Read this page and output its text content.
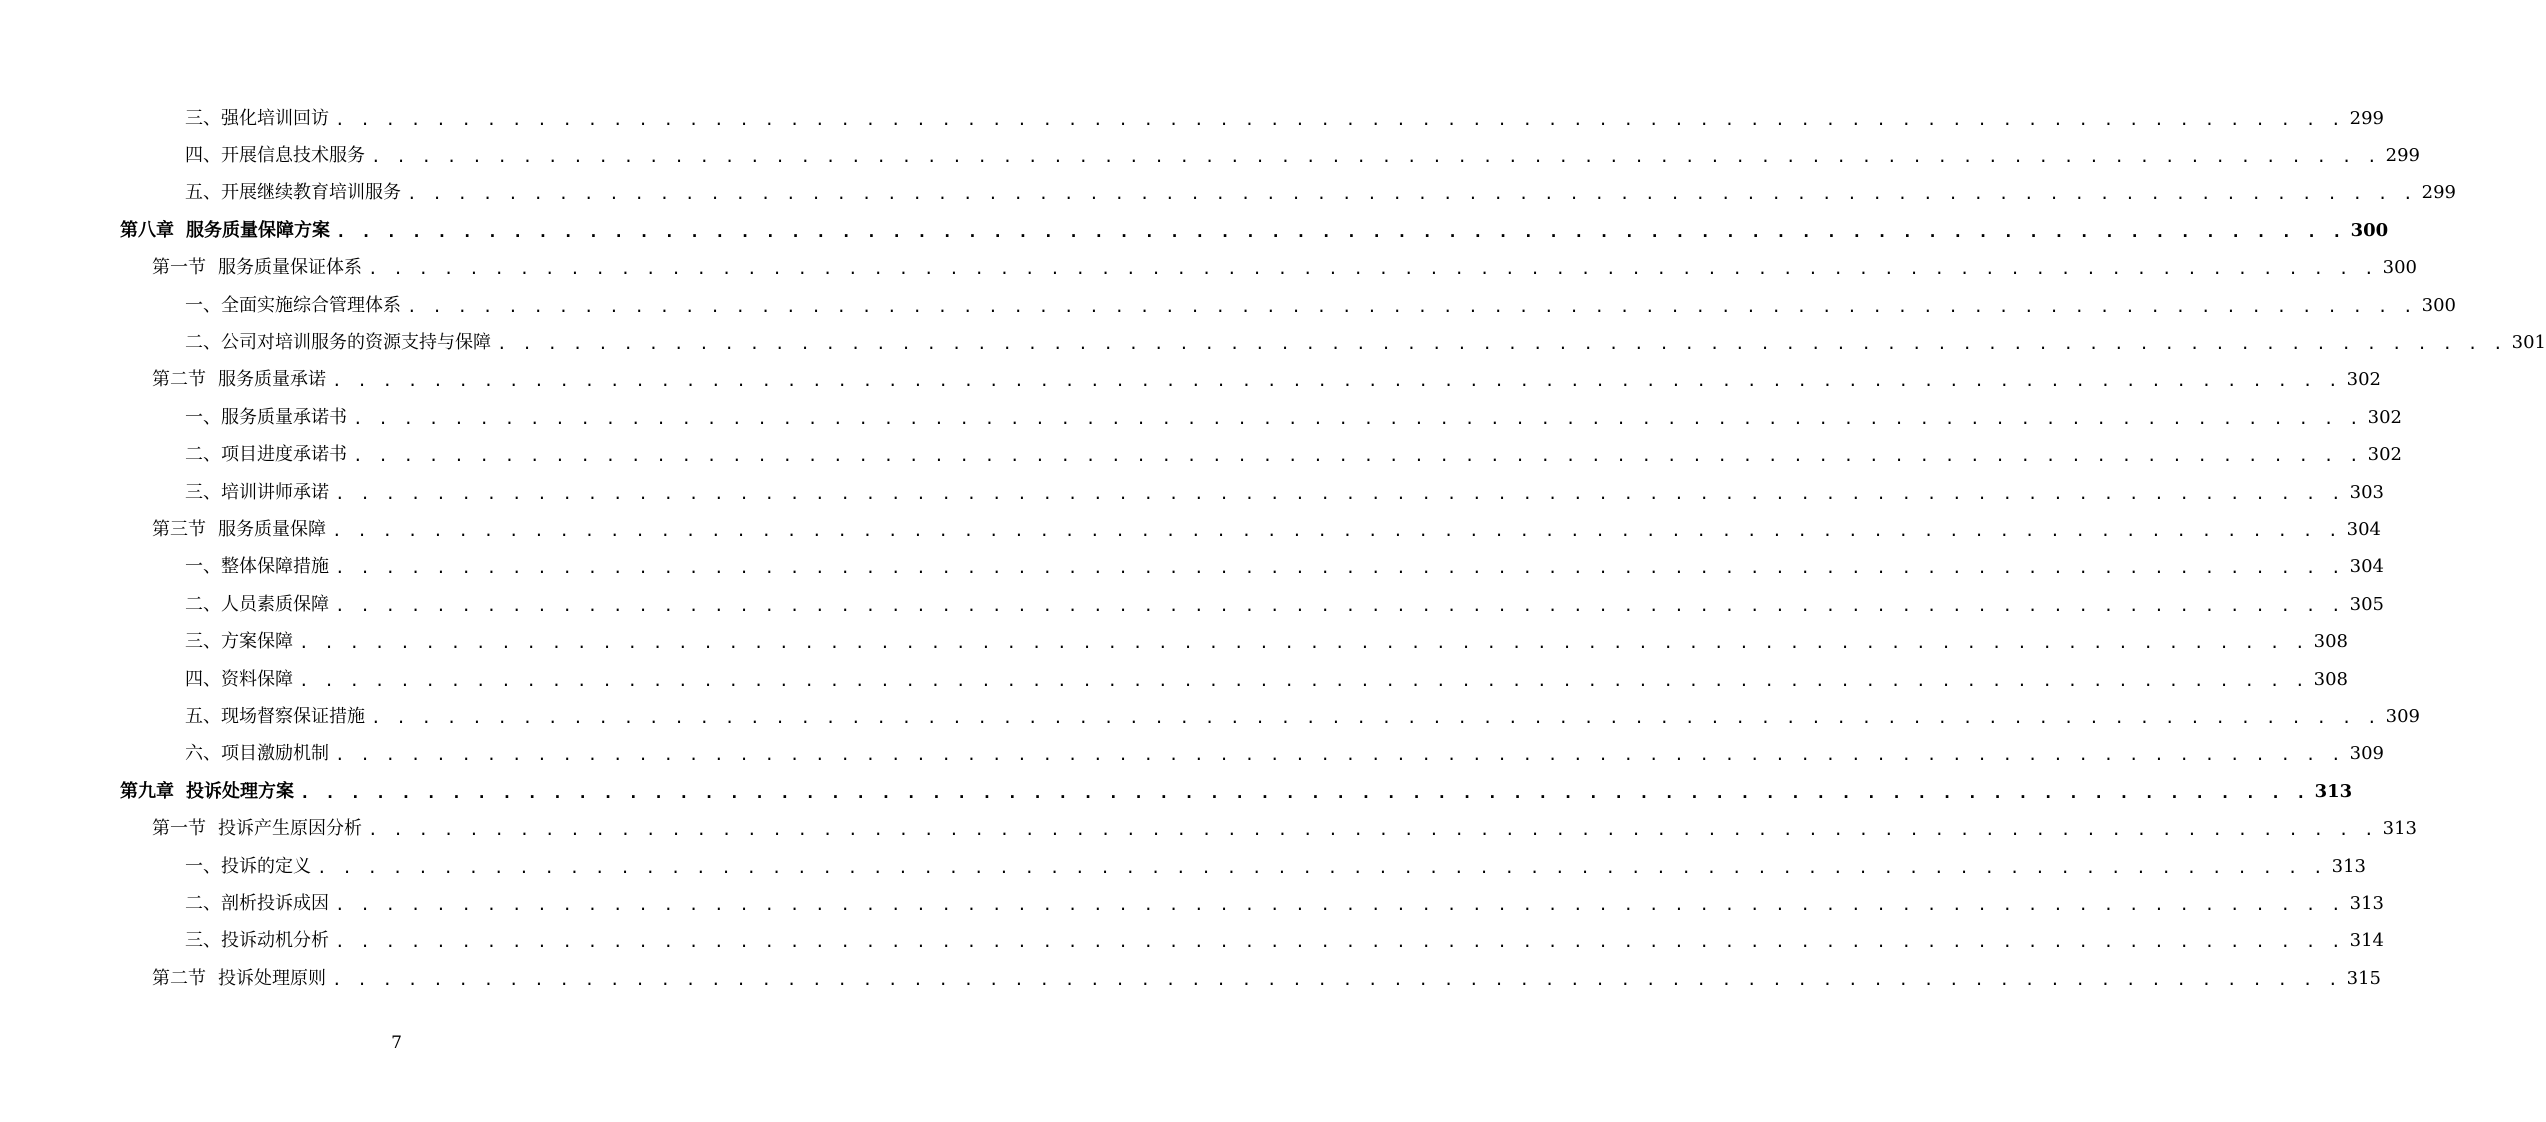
三、强化培训回访 . . . . . . . . . . . . . . . . . . . . . . . . . . . . . . . . . . . . . . . . . . . . . . . . . . . . . . . . . . . . . . . . . . . . . . . . . . . . . . . . 299
四、开展信息技术服务 . . . . . . . . . . . . . . . . . . . . . . . . . . . . . . . . . . . . . . . . . . . . . . . . . . . . . . . . . . . . . . . . . . . . . . . . . . . . . . . . 299
五、开展继续教育培训服务 . . . . . . . . . . . . . . . . . . . . . . . . . . . . . . . . . . . . . . . . . . . . . . . . . . . . . . . . . . . . . . . . . . . . . . . . . . . . . . . . 299
第八章 服务质量保障方案 . . . . . . . . . . . . . . . . . . . . . . . . . . . . . . . . . . . . . . . . . . . . . . . . . . . . . . . . . . . . . . . . . . . . . . . . . . . . . . . . 300
第一节 服务质量保证体系 . . . . . . . . . . . . . . . . . . . . . . . . . . . . . . . . . . . . . . . . . . . . . . . . . . . . . . . . . . . . . . . . . . . . . . . . . . . . . . . . 300
一、全面实施综合管理体系 . . . . . . . . . . . . . . . . . . . . . . . . . . . . . . . . . . . . . . . . . . . . . . . . . . . . . . . . . . . . . . . . . . . . . . . . . . . . . . . . 300
二、公司对培训服务的资源支持与保障 . . . . . . . . . . . . . . . . . . . . . . . . . . . . . . . . . . . . . . . . . . . . . . . . . . . . . . . . . . . . . . . . . . . . . . . . . . . . . . . . 301
第二节 服务质量承诺 . . . . . . . . . . . . . . . . . . . . . . . . . . . . . . . . . . . . . . . . . . . . . . . . . . . . . . . . . . . . . . . . . . . . . . . . . . . . . . . . 302
一、服务质量承诺书 . . . . . . . . . . . . . . . . . . . . . . . . . . . . . . . . . . . . . . . . . . . . . . . . . . . . . . . . . . . . . . . . . . . . . . . . . . . . . . . . 302
二、项目进度承诺书 . . . . . . . . . . . . . . . . . . . . . . . . . . . . . . . . . . . . . . . . . . . . . . . . . . . . . . . . . . . . . . . . . . . . . . . . . . . . . . . . 302
三、培训讲师承诺 . . . . . . . . . . . . . . . . . . . . . . . . . . . . . . . . . . . . . . . . . . . . . . . . . . . . . . . . . . . . . . . . . . . . . . . . . . . . . . . . 303
第三节 服务质量保障 . . . . . . . . . . . . . . . . . . . . . . . . . . . . . . . . . . . . . . . . . . . . . . . . . . . . . . . . . . . . . . . . . . . . . . . . . . . . . . . . 304
一、整体保障措施 . . . . . . . . . . . . . . . . . . . . . . . . . . . . . . . . . . . . . . . . . . . . . . . . . . . . . . . . . . . . . . . . . . . . . . . . . . . . . . . . 304
二、人员素质保障 . . . . . . . . . . . . . . . . . . . . . . . . . . . . . . . . . . . . . . . . . . . . . . . . . . . . . . . . . . . . . . . . . . . . . . . . . . . . . . . . 305
三、方案保障 . . . . . . . . . . . . . . . . . . . . . . . . . . . . . . . . . . . . . . . . . . . . . . . . . . . . . . . . . . . . . . . . . . . . . . . . . . . . . . . . 308
四、资料保障 . . . . . . . . . . . . . . . . . . . . . . . . . . . . . . . . . . . . . . . . . . . . . . . . . . . . . . . . . . . . . . . . . . . . . . . . . . . . . . . . 308
五、现场督察保证措施 . . . . . . . . . . . . . . . . . . . . . . . . . . . . . . . . . . . . . . . . . . . . . . . . . . . . . . . . . . . . . . . . . . . . . . . . . . . . . . . . 309
六、项目激励机制 . . . . . . . . . . . . . . . . . . . . . . . . . . . . . . . . . . . . . . . . . . . . . . . . . . . . . . . . . . . . . . . . . . . . . . . . . . . . . . . . 309
第九章 投诉处理方案 . . . . . . . . . . . . . . . . . . . . . . . . . . . . . . . . . . . . . . . . . . . . . . . . . . . . . . . . . . . . . . . . . . . . . . . . . . . . . . . . 313
第一节 投诉产生原因分析 . . . . . . . . . . . . . . . . . . . . . . . . . . . . . . . . . . . . . . . . . . . . . . . . . . . . . . . . . . . . . . . . . . . . . . . . . . . . . . . . 313
一、投诉的定义 . . . . . . . . . . . . . . . . . . . . . . . . . . . . . . . . . . . . . . . . . . . . . . . . . . . . . . . . . . . . . . . . . . . . . . . . . . . . . . . . 313
二、剖析投诉成因 . . . . . . . . . . . . . . . . . . . . . . . . . . . . . . . . . . . . . . . . . . . . . . . . . . . . . . . . . . . . . . . . . . . . . . . . . . . . . . . . 313
三、投诉动机分析 . . . . . . . . . . . . . . . . . . . . . . . . . . . . . . . . . . . . . . . . . . . . . . . . . . . . . . . . . . . . . . . . . . . . . . . . . . . . . . . . 314
第二节 投诉处理原则 . . . . . . . . . . . . . . . . . . . . . . . . . . . . . . . . . . . . . . . . . . . . . . . . . . . . . . . . . . . . . . . . . . . . . . . . . . . . . . . . 315
7
